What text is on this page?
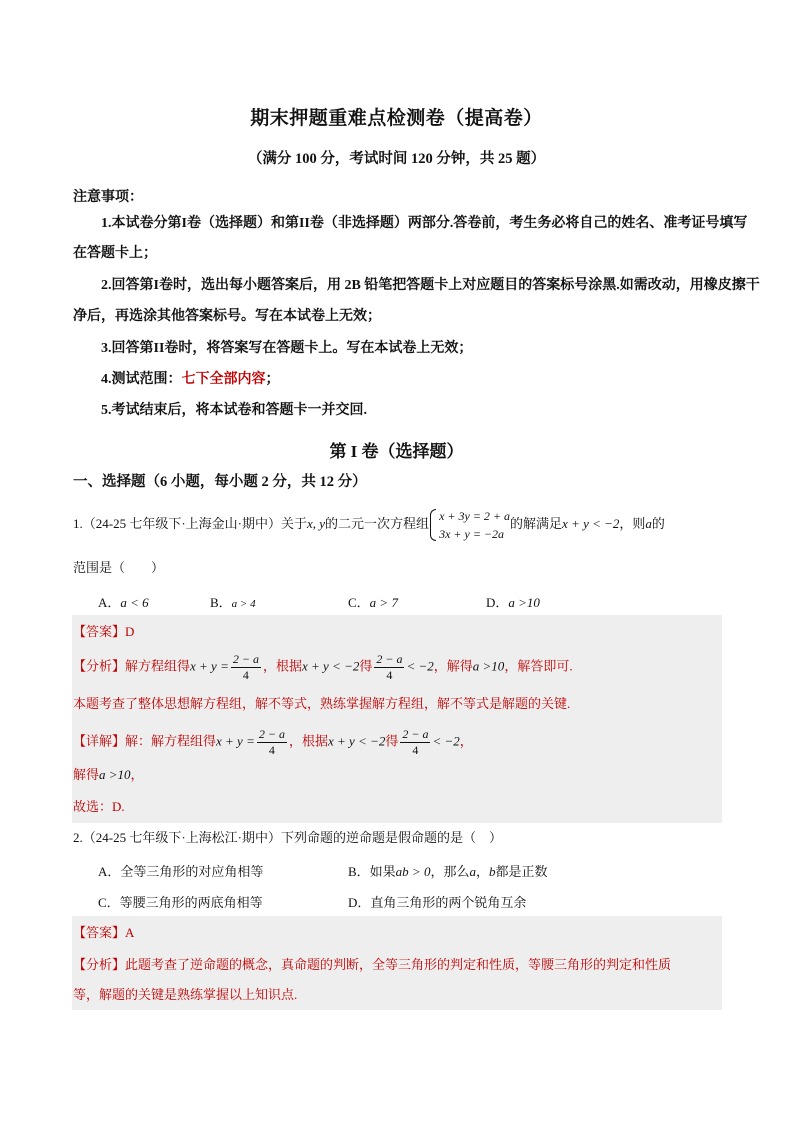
期末押题重难点检测卷（提高卷）
（满分 100 分，考试时间 120 分钟，共 25 题）
注意事项：
1.本试卷分第I卷（选择题）和第II卷（非选择题）两部分.答卷前，考生务必将自己的姓名、准考证号填写
在答题卡上；
2.回答第I卷时，选出每小题答案后，用 2B 铅笔把答题卡上对应题目的答案标号涂黑.如需改动，用橡皮擦干
净后，再选涂其他答案标号。写在本试卷上无效；
3.回答第II卷时，将答案写在答题卡上。写在本试卷上无效；
4.测试范围：七下全部内容；
5.考试结束后，将本试卷和答题卡一并交回.
第 I 卷（选择题）
一、选择题（6 小题，每小题 2 分，共 12 分）
1.（24-25 七年级下·上海金山·期中）关于x, y的二元一次方程组 x + 3y = 2 + a
3x + y = −2a
的解满足x + y < −2，则a的
范围是（　　）
A．a < 6	B．a > 4	C．a > 7	D．a >10
【答案】D
【分析】解方程组得$x + y = \frac{2 - a}{4}$ ，根据x + y < −2得 $\frac{2 - a}{4} < -2$，解得a >10，解答即可.
本题考查了整体思想解方程组，解不等式，熟练掌握解方程组，解不等式是解题的关键.
【详解】解：解方程组得$x + y = \frac{2 - a}{4}$ ，根据x + y < −2得 $\frac{2 - a}{4} < -2$，
解得a >10，
故选：D.
2.（24-25 七年级下·上海松江·期中）下列命题的逆命题是假命题的是（　）
A．全等三角形的对应角相等	B．如果ab > 0，那么a，b都是正数
C．等腰三角形的两底角相等	D．直角三角形的两个锐角互余
【答案】A
【分析】此题考查了逆命题的概念，真命题的判断，全等三角形的判定和性质，等腰三角形的判定和性质
等，解题的关键是熟练掌握以上知识点.
